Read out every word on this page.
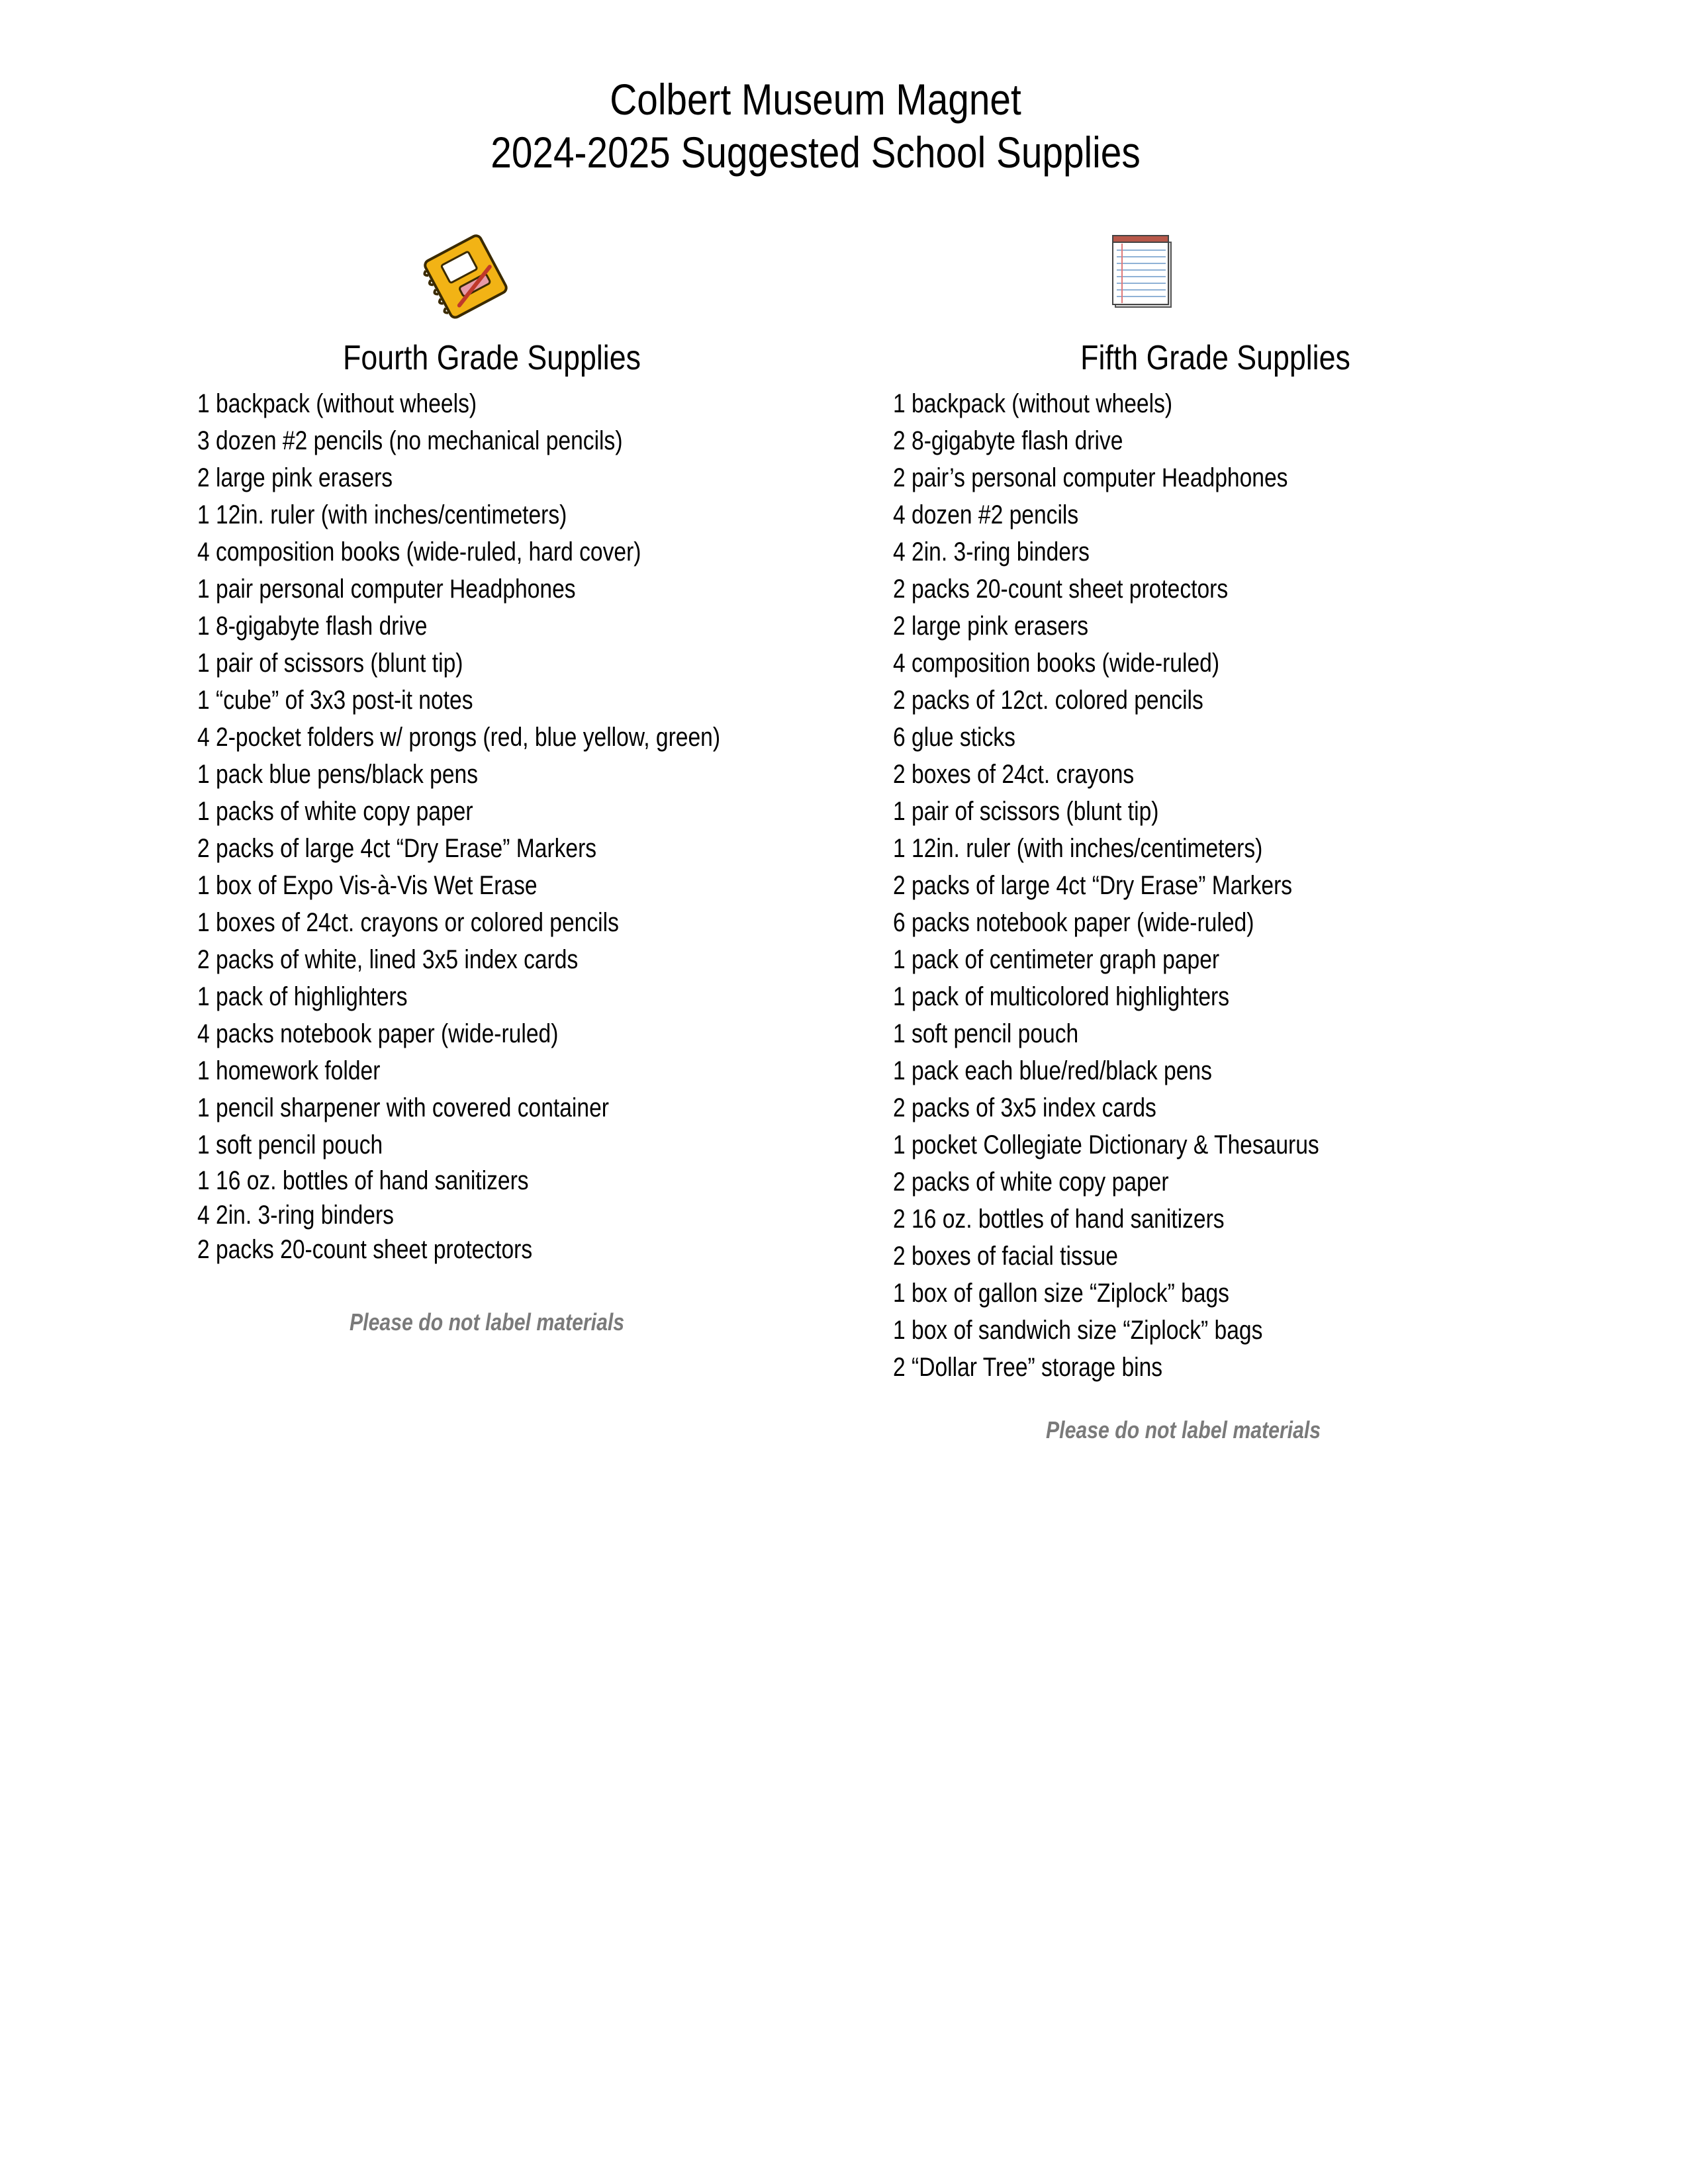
Colbert Museum Magnet
2024-2025 Suggested School Supplies
Fourth Grade Supplies
1 backpack (without wheels)
3 dozen #2 pencils (no mechanical pencils)
2 large pink erasers
1 12in. ruler (with inches/centimeters)
4 composition books (wide-ruled, hard cover)
1 pair personal computer Headphones
1 8-gigabyte flash drive
1 pair of scissors (blunt tip)
1 “cube” of 3x3 post-it notes
4 2-pocket folders w/ prongs (red, blue yellow, green)
1 pack blue pens/black pens
1 packs of white copy paper
2 packs of large 4ct “Dry Erase” Markers
1 box of Expo Vis-à-Vis Wet Erase
1 boxes of 24ct. crayons or colored pencils
2 packs of white, lined 3x5 index cards
1 pack of highlighters
4 packs notebook paper (wide-ruled)
1 homework folder
1 pencil sharpener with covered container
1 soft pencil pouch
1 16 oz. bottles of hand sanitizers
4 2in. 3-ring binders
2 packs 20-count sheet protectors
Please do not label materials
Fifth Grade Supplies
1 backpack (without wheels)
2 8-gigabyte flash drive
2 pair’s personal computer Headphones
4 dozen #2 pencils
4 2in. 3-ring binders
2 packs 20-count sheet protectors
2 large pink erasers
4 composition books (wide-ruled)
2 packs of 12ct. colored pencils
6 glue sticks
2 boxes of 24ct. crayons
1 pair of scissors (blunt tip)
1 12in. ruler (with inches/centimeters)
2 packs of large 4ct “Dry Erase” Markers
6 packs notebook paper (wide-ruled)
1 pack of centimeter graph paper
1 pack of multicolored highlighters
1 soft pencil pouch
1 pack each blue/red/black pens
2 packs of 3x5 index cards
1 pocket Collegiate Dictionary & Thesaurus
2 packs of white copy paper
2 16 oz. bottles of hand sanitizers
2 boxes of facial tissue
1 box of gallon size “Ziplock” bags
1 box of sandwich size “Ziplock” bags
2 “Dollar Tree” storage bins
Please do not label materials
